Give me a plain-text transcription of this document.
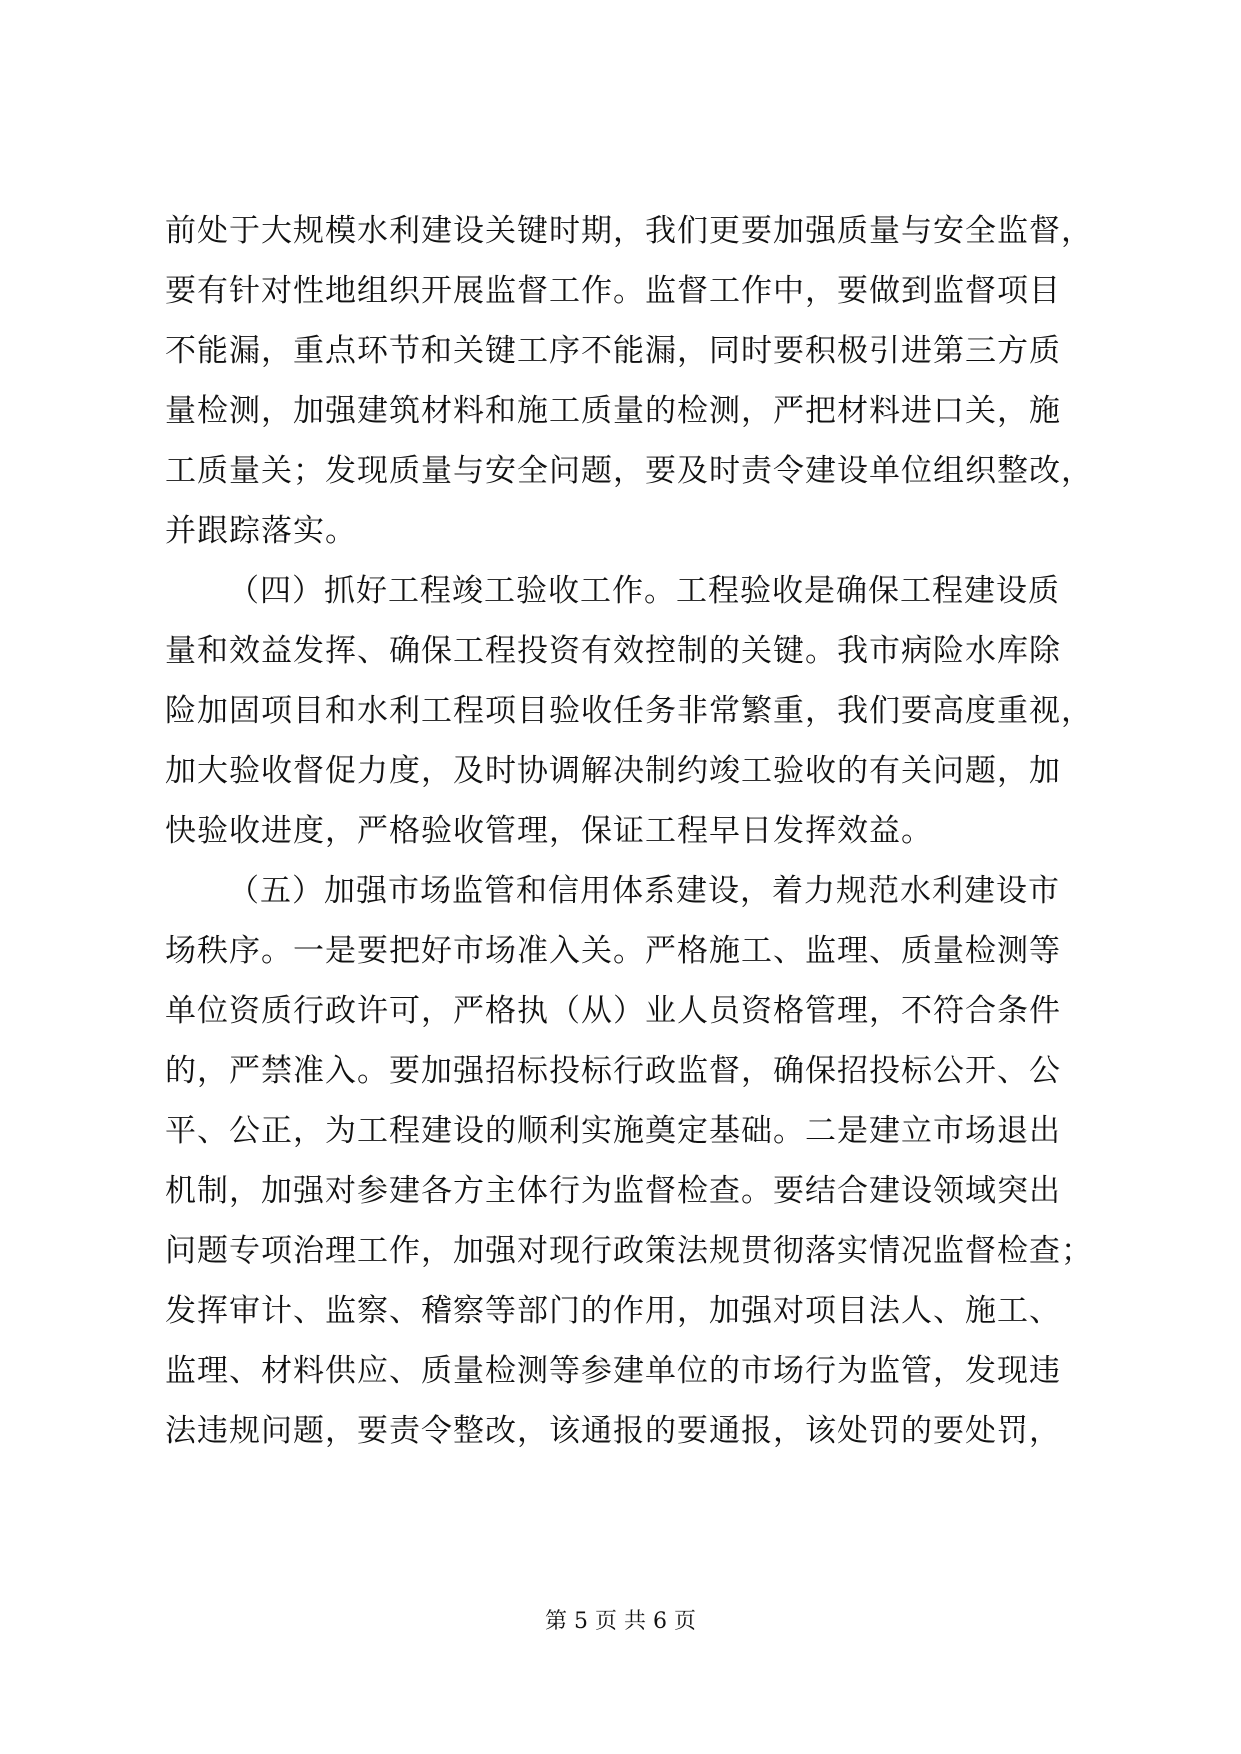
前处于大规模水利建设关键时期，我们更要加强质量与安全监督，
要有针对性地组织开展监督工作。监督工作中，要做到监督项目
不能漏，重点环节和关键工序不能漏，同时要积极引进第三方质
量检测，加强建筑材料和施工质量的检测，严把材料进口关，施
工质量关；发现质量与安全问题，要及时责令建设单位组织整改，
并跟踪落实。
（四）抓好工程竣工验收工作。工程验收是确保工程建设质
量和效益发挥、确保工程投资有效控制的关键。我市病险水库除
险加固项目和水利工程项目验收任务非常繁重，我们要高度重视，
加大验收督促力度，及时协调解决制约竣工验收的有关问题，加
快验收进度，严格验收管理，保证工程早日发挥效益。
（五）加强市场监管和信用体系建设，着力规范水利建设市
场秩序。一是要把好市场准入关。严格施工、监理、质量检测等
单位资质行政许可，严格执（从）业人员资格管理，不符合条件
的，严禁准入。要加强招标投标行政监督，确保招投标公开、公
平、公正，为工程建设的顺利实施奠定基础。二是建立市场退出
机制，加强对参建各方主体行为监督检查。要结合建设领域突出
问题专项治理工作，加强对现行政策法规贯彻落实情况监督检查；
发挥审计、监察、稽察等部门的作用，加强对项目法人、施工、
监理、材料供应、质量检测等参建单位的市场行为监管，发现违
法违规问题，要责令整改，该通报的要通报，该处罚的要处罚，
第 5 页 共 6 页
